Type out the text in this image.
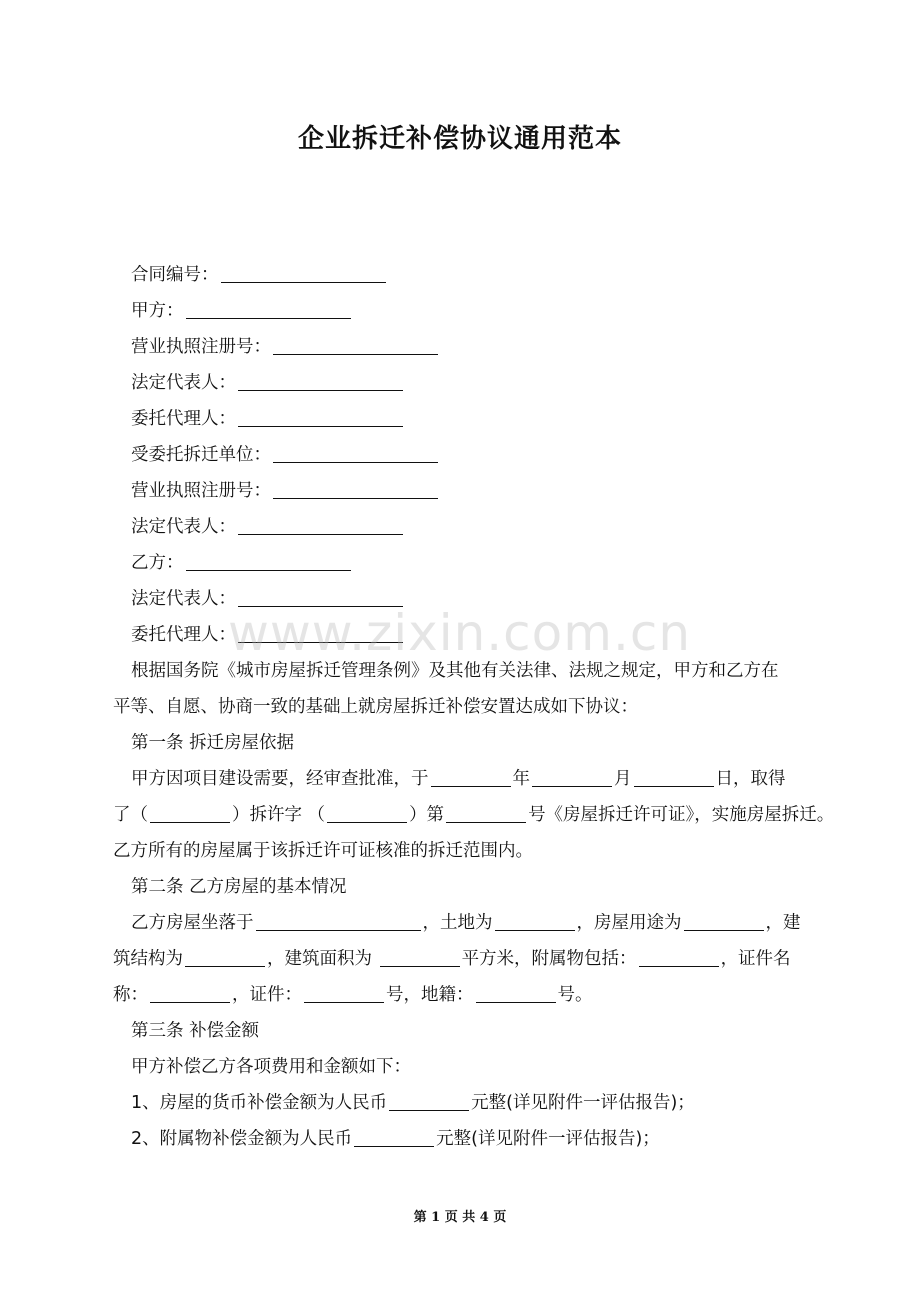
企业拆迁补偿协议通用范本
合同编号：
甲方：
营业执照注册号：
法定代表人：
委托代理人：
受委托拆迁单位：
营业执照注册号：
法定代表人：
乙方：
法定代表人：
委托代理人：
www.zixin.com.cn
根据国务院《城市房屋拆迁管理条例》及其他有关法律、法规之规定，甲方和乙方在
平等、自愿、协商一致的基础上就房屋拆迁补偿安置达成如下协议：
第一条 拆迁房屋依据
甲方因项目建设需要，经审查批准，于	年	月	日，取得
了（	）拆许字 （	）第	号《房屋拆迁许可证》，实施房屋拆迁。
乙方所有的房屋属于该拆迁许可证核准的拆迁范围内。
第二条 乙方房屋的基本情况
乙方房屋坐落于	，土地为	，房屋用途为	，建
筑结构为	，建筑面积为	平方米，附属物包括：	，证件名
称：	，证件：	号，地籍：	号。
第三条 补偿金额
甲方补偿乙方各项费用和金额如下：
1、房屋的货币补偿金额为人民币	元整(详见附件一评估报告)；
2、附属物补偿金额为人民币	元整(详见附件一评估报告)；
第 1 页 共 4 页
